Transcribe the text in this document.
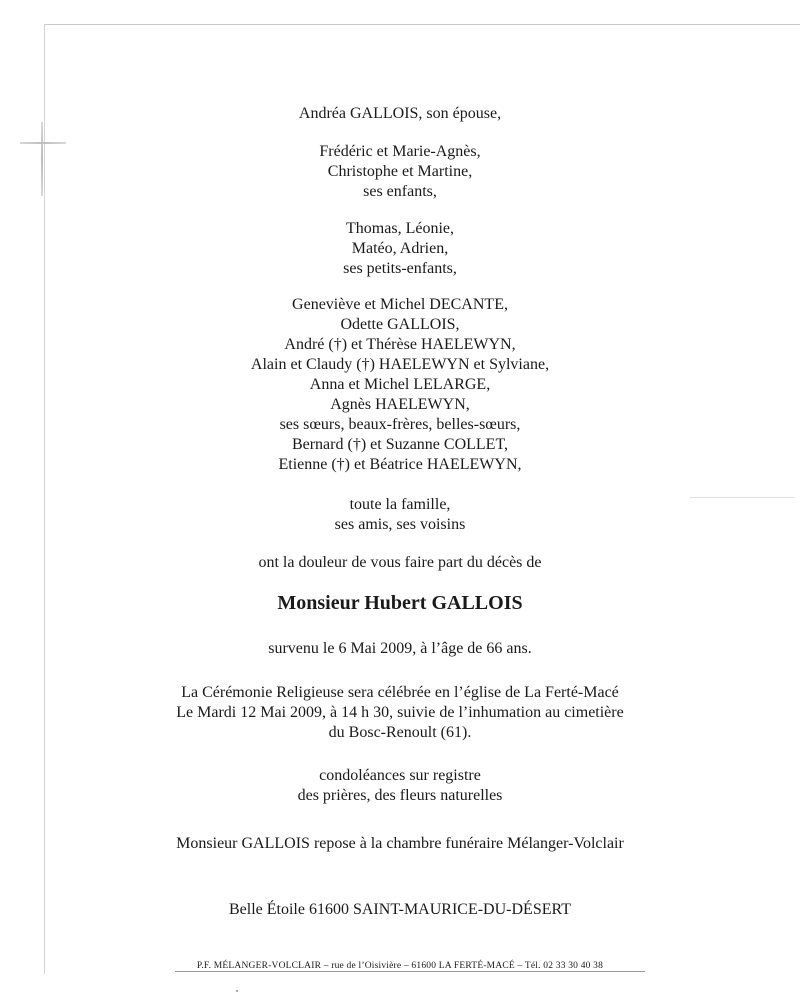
Andréa GALLOIS, son épouse,
Frédéric et Marie-Agnès,
Christophe et Martine,
ses enfants,
Thomas, Léonie,
Matéo, Adrien,
ses petits-enfants,
Geneviève et Michel DECANTE,
Odette GALLOIS,
André (†) et Thérèse HAELEWYN,
Alain et Claudy (†) HAELEWYN et Sylviane,
Anna et Michel LELARGE,
Agnès HAELEWYN,
ses sœurs, beaux-frères, belles-sœurs,
Bernard (†) et Suzanne COLLET,
Etienne (†) et Béatrice HAELEWYN,
toute la famille,
ses amis, ses voisins
ont la douleur de vous faire part du décès de
Monsieur Hubert GALLOIS
survenu le 6 Mai 2009, à l’âge de 66 ans.
La Cérémonie Religieuse sera célébrée en l’église de La Ferté-Macé
Le Mardi 12 Mai 2009, à 14 h 30, suivie de l’inhumation au cimetière
du Bosc-Renoult (61).
condoléances sur registre
des prières, des fleurs naturelles
Monsieur GALLOIS repose à la chambre funéraire Mélanger-Volclair
Belle Étoile 61600 SAINT-MAURICE-DU-DÉSERT
P.F. MÉLANGER-VOLCLAIR – rue de l’Oisivière – 61600 LA FERTÉ-MACÉ – Tél. 02 33 30 40 38
